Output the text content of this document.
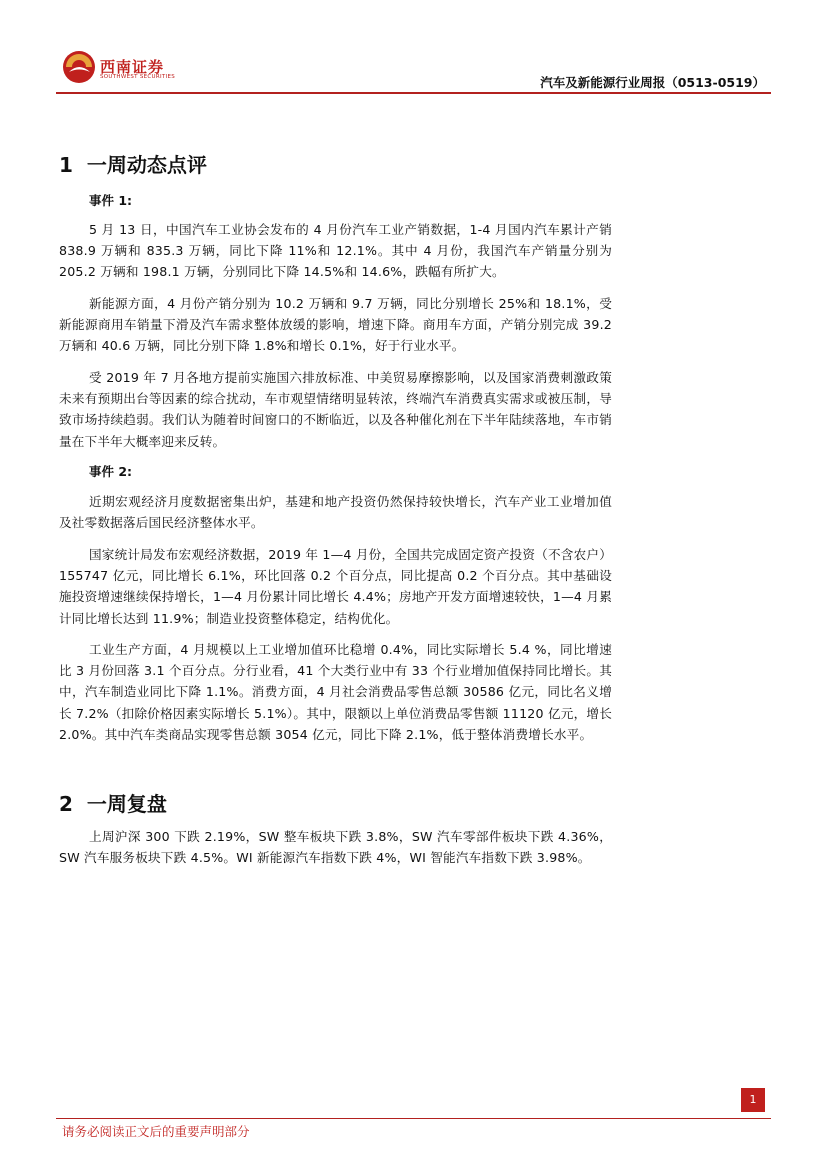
西南证券
SOUTHWEST SECURITIES	汽车及新能源行业周报（0513-0519）
1 一周动态点评
事件 1:
5 月 13 日，中国汽车工业协会发布的 4 月份汽车工业产销数据，1-4 月国内汽车累计产销 838.9 万辆和 835.3 万辆，同比下降 11%和 12.1%。其中 4 月份，我国汽车产销量分别为 205.2 万辆和 198.1 万辆，分别同比下降 14.5%和 14.6%，跌幅有所扩大。
新能源方面，4 月份产销分别为 10.2 万辆和 9.7 万辆，同比分别增长 25%和 18.1%，受新能源商用车销量下滑及汽车需求整体放缓的影响，增速下降。商用车方面，产销分别完成 39.2 万辆和 40.6 万辆，同比分别下降 1.8%和增长 0.1%，好于行业水平。
受 2019 年 7 月各地方提前实施国六排放标准、中美贸易摩擦影响，以及国家消费刺激政策未来有预期出台等因素的综合扰动，车市观望情绪明显转浓，终端汽车消费真实需求或被压制，导致市场持续趋弱。我们认为随着时间窗口的不断临近，以及各种催化剂在下半年陆续落地，车市销量在下半年大概率迎来反转。
事件 2:
近期宏观经济月度数据密集出炉，基建和地产投资仍然保持较快增长，汽车产业工业增加值及社零数据落后国民经济整体水平。
国家统计局发布宏观经济数据，2019 年 1—4 月份，全国共完成固定资产投资（不含农户）155747 亿元，同比增长 6.1%，环比回落 0.2 个百分点，同比提高 0.2 个百分点。其中基础设施投资增速继续保持增长，1—4 月份累计同比增长 4.4%；房地产开发方面增速较快，1—4 月累计同比增长达到 11.9%；制造业投资整体稳定，结构优化。
工业生产方面，4 月规模以上工业增加值环比稳增 0.4%，同比实际增长 5.4 %，同比增速比 3 月份回落 3.1 个百分点。分行业看，41 个大类行业中有 33 个行业增加值保持同比增长。其中，汽车制造业同比下降 1.1%。消费方面，4 月社会消费品零售总额 30586 亿元，同比名义增长 7.2%（扣除价格因素实际增长 5.1%）。其中，限额以上单位消费品零售额 11120 亿元，增长 2.0%。其中汽车类商品实现零售总额 3054 亿元，同比下降 2.1%，低于整体消费增长水平。
2 一周复盘
上周沪深 300 下跌 2.19%，SW 整车板块下跌 3.8%，SW 汽车零部件板块下跌 4.36%，SW 汽车服务板块下跌 4.5%。WI 新能源汽车指数下跌 4%，WI 智能汽车指数下跌 3.98%。
1
请务必阅读正文后的重要声明部分
